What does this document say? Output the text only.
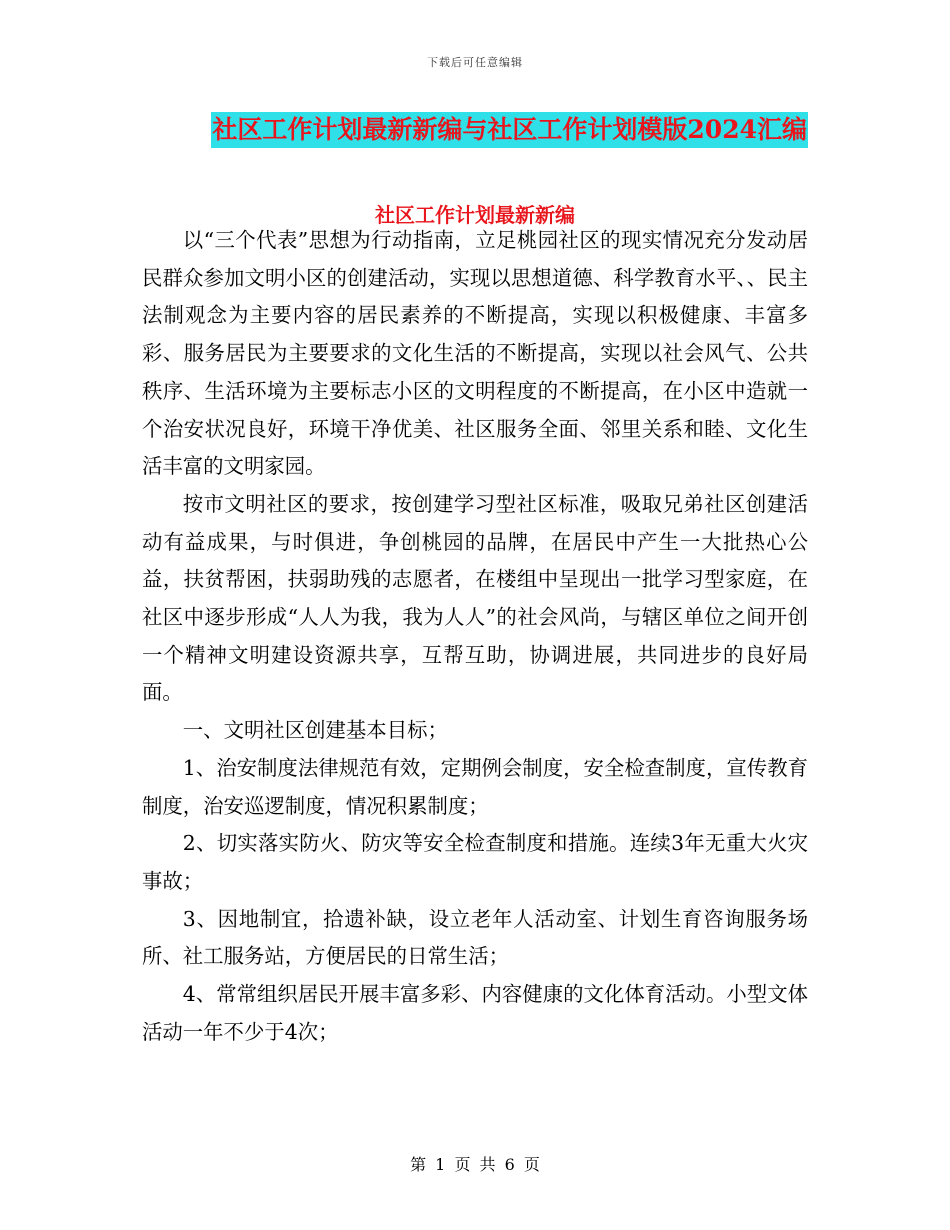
下载后可任意编辑
社区工作计划最新新编与社区工作计划模版2024汇编
社区工作计划最新新编

以“三个代表”思想为行动指南，立足桃园社区的现实情况充分发动居民群众参加文明小区的创建活动，实现以思想道德、科学教育水平、、民主法制观念为主要内容的居民素养的不断提高，实现以积极健康、丰富多彩、服务居民为主要要求的文化生活的不断提高，实现以社会风气、公共秩序、生活环境为主要标志小区的文明程度的不断提高，在小区中造就一个治安状况良好，环境干净优美、社区服务全面、邻里关系和睦、文化生活丰富的文明家园。

按市文明社区的要求，按创建学习型社区标准，吸取兄弟社区创建活动有益成果，与时俱进，争创桃园的品牌，在居民中产生一大批热心公益，扶贫帮困，扶弱助残的志愿者，在楼组中呈现出一批学习型家庭，在社区中逐步形成“人人为我，我为人人”的社会风尚，与辖区单位之间开创一个精神文明建设资源共享，互帮互助，协调进展，共同进步的良好局面。

一、文明社区创建基本目标；

1、治安制度法律规范有效，定期例会制度，安全检查制度，宣传教育制度，治安巡逻制度，情况积累制度；

2、切实落实防火、防灾等安全检查制度和措施。连续3年无重大火灾事故；

3、因地制宜，拾遗补缺，设立老年人活动室、计划生育咨询服务场所、社工服务站，方便居民的日常生活；

4、常常组织居民开展丰富多彩、内容健康的文化体育活动。小型文体活动一年不少于4次；

第 1 页 共 6 页
